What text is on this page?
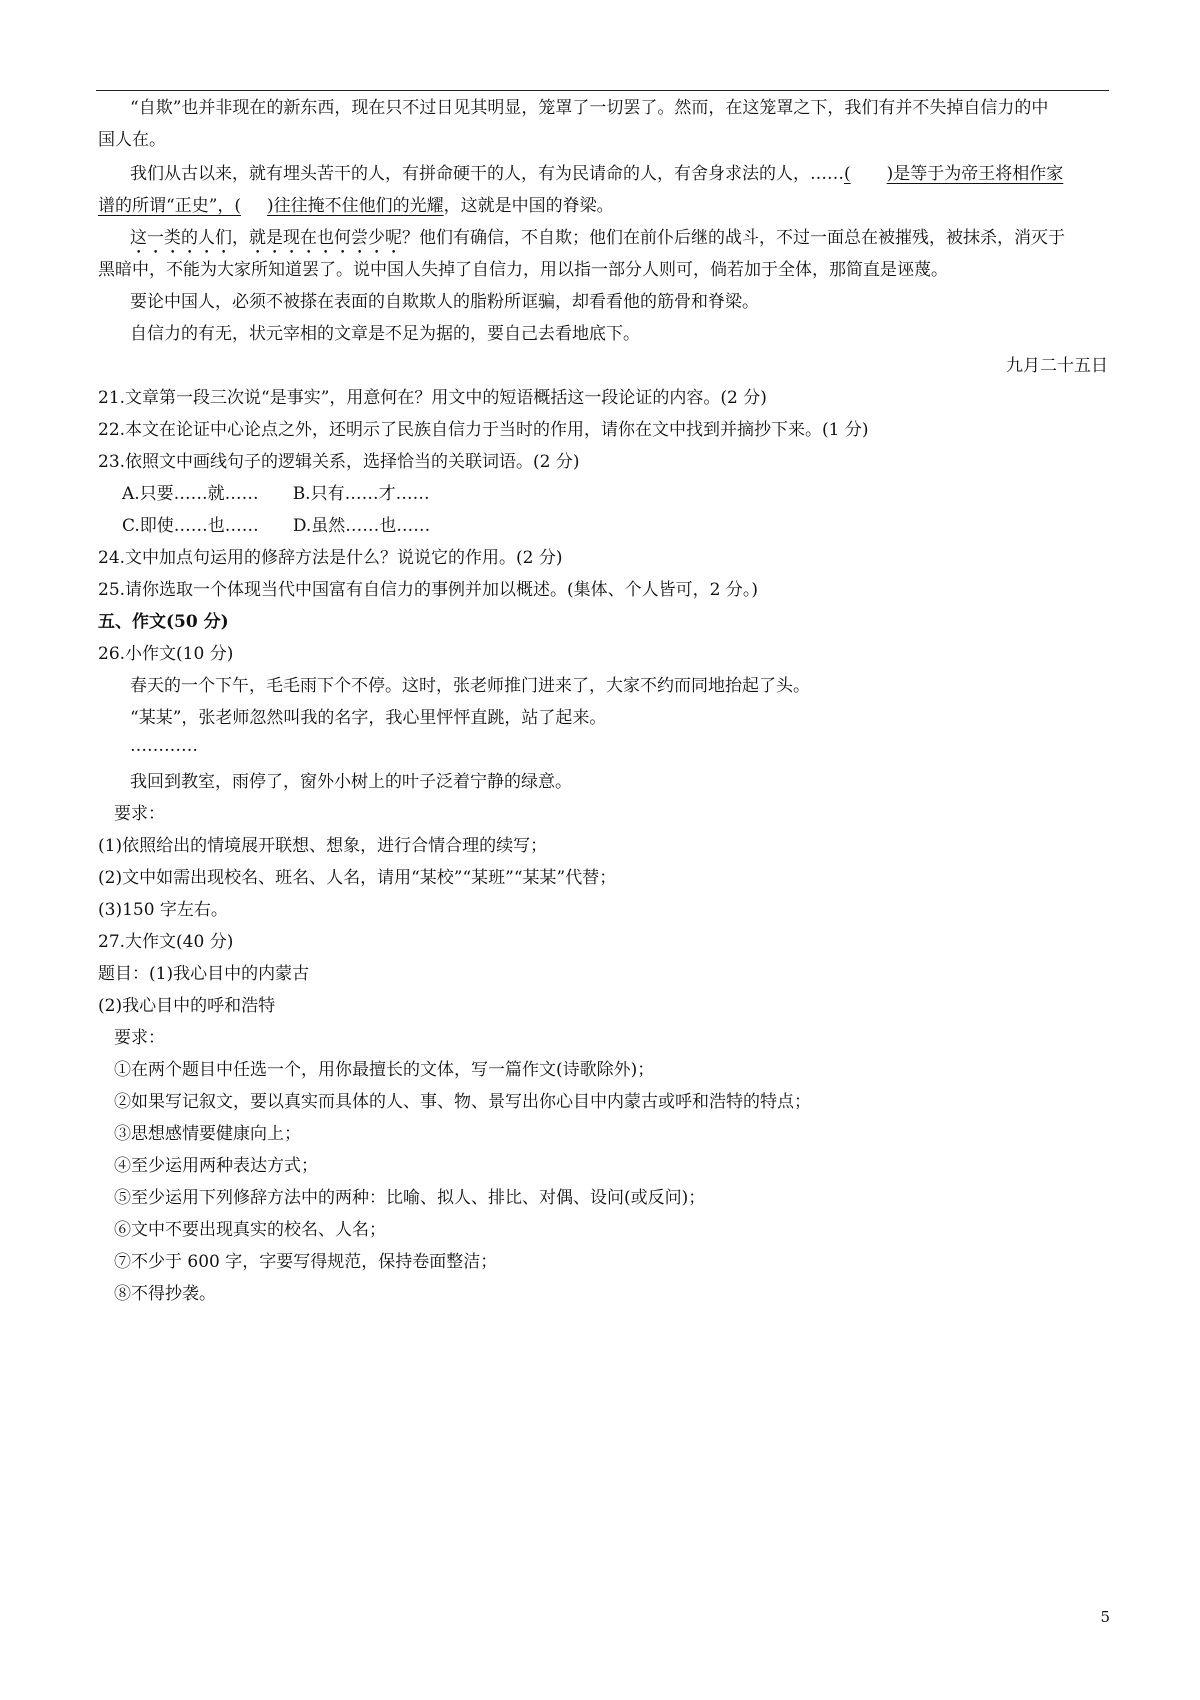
“自欺”也并非现在的新东西，现在只不过日见其明显，笼罩了一切罢了。然而，在这笼罩之下，我们有并不失掉自信力的中
国人在。
我们从古以来，就有埋头苦干的人，有拼命硬干的人，有为民请命的人，有舍身求法的人，……( )是等于为帝王将相作家
谱的所谓“正史”，( )往往掩不住他们的光耀，这就是中国的脊梁。
这一类的人们，就是现在也何尝少呢？他们有确信，不自欺；他们在前仆后继的战斗，不过一面总在被摧残，被抹杀，消灭于
黑暗中，不能为大家所知道罢了。说中国人失掉了自信力，用以指一部分人则可，倘若加于全体，那简直是诬蔑。
要论中国人，必须不被搽在表面的自欺欺人的脂粉所诓骗，却看看他的筋骨和脊梁。
自信力的有无，状元宰相的文章是不足为据的，要自己去看地底下。
九月二十五日
21.文章第一段三次说“是事实”，用意何在？用文中的短语概括这一段论证的内容。(2 分)
22.本文在论证中心论点之外，还明示了民族自信力于当时的作用，请你在文中找到并摘抄下来。(1 分)
23.依照文中画线句子的逻辑关系，选择恰当的关联词语。(2 分)
A.只要……就…… B.只有……才……
C.即使……也…… D.虽然……也……
24.文中加点句运用的修辞方法是什么？说说它的作用。(2 分)
25.请你选取一个体现当代中国富有自信力的事例并加以概述。(集体、个人皆可，2 分。)
五、作文(50 分)
26.小作文(10 分)
春天的一个下午，毛毛雨下个不停。这时，张老师推门进来了，大家不约而同地抬起了头。
“某某”，张老师忽然叫我的名字，我心里怦怦直跳，站了起来。
…………
我回到教室，雨停了，窗外小树上的叶子泛着宁静的绿意。
要求：
(1)依照给出的情境展开联想、想象，进行合情合理的续写；
(2)文中如需出现校名、班名、人名，请用“某校”“某班”“某某”代替；
(3)150 字左右。
27.大作文(40 分)
题目：(1)我心目中的内蒙古
(2)我心目中的呼和浩特
要求：
①在两个题目中任选一个，用你最擅长的文体，写一篇作文(诗歌除外)；
②如果写记叙文，要以真实而具体的人、事、物、景写出你心目中内蒙古或呼和浩特的特点；
③思想感情要健康向上；
④至少运用两种表达方式；
⑤至少运用下列修辞方法中的两种：比喻、拟人、排比、对偶、设问(或反问)；
⑥文中不要出现真实的校名、人名；
⑦不少于 600 字，字要写得规范，保持卷面整洁；
⑧不得抄袭。
5
